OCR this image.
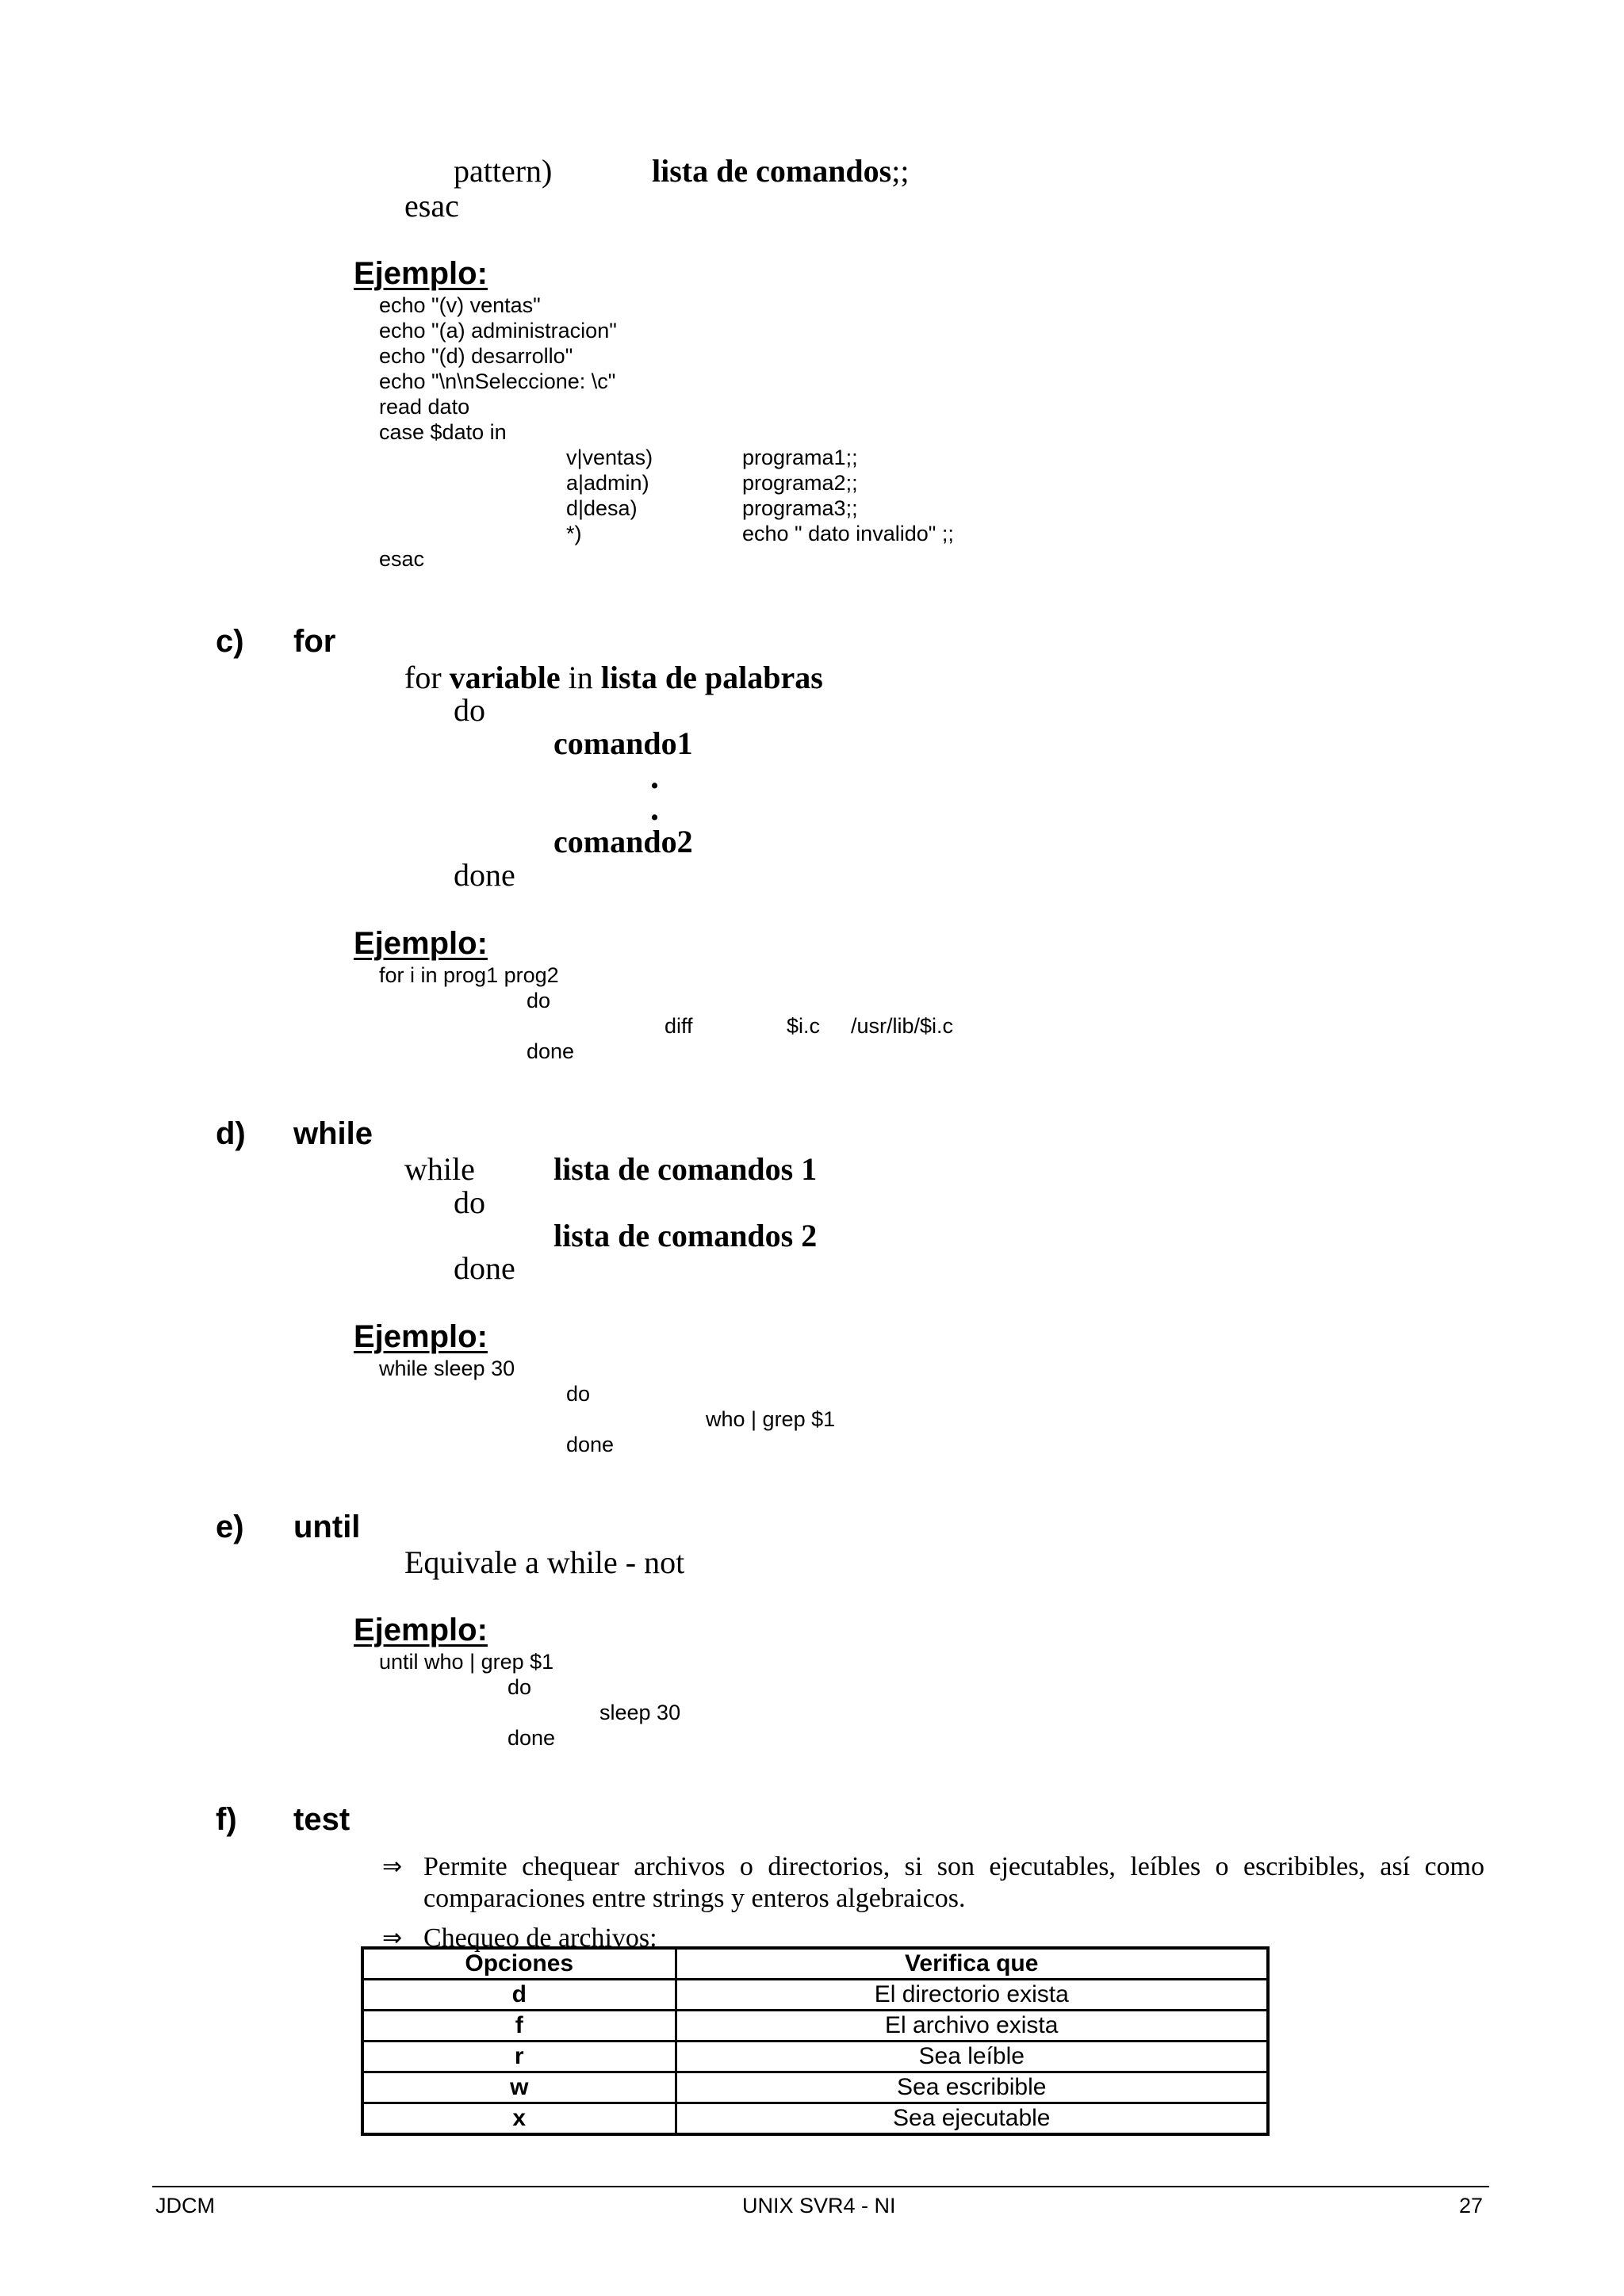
pattern)	lista de comandos;;
esac
Ejemplo:
echo "(v) ventas"
echo "(a) administracion"
echo "(d) desarrollo"
echo "\n\nSeleccione: \c"
read dato
case $dato in
v|ventas)	programa1;;
a|admin)	programa2;;
d|desa)	programa3;;
*)	echo " dato invalido" ;;
esac
c) for
for variable in lista de palabras
do
comando1
.
.
comando2
done
Ejemplo:
for i in prog1 prog2
do
diff	$i.c /usr/lib/$i.c
done
d) while
while lista de comandos 1
do
lista de comandos 2
done
Ejemplo:
while sleep 30
do
who | grep $1
done
e) until
Equivale a while - not
Ejemplo:
until who | grep $1
do
sleep 30
done
f) test
⇒ Permite chequear archivos o directorios, si son ejecutables, leíbles o escribibles, así como comparaciones entre strings y enteros algebraicos.
⇒ Chequeo de archivos:
Opciones	Verifica que
d	El directorio exista
f	El archivo exista
r	Sea leíble
w	Sea escribible
x	Sea ejecutable
JDCM	UNIX SVR4 - NI	27
